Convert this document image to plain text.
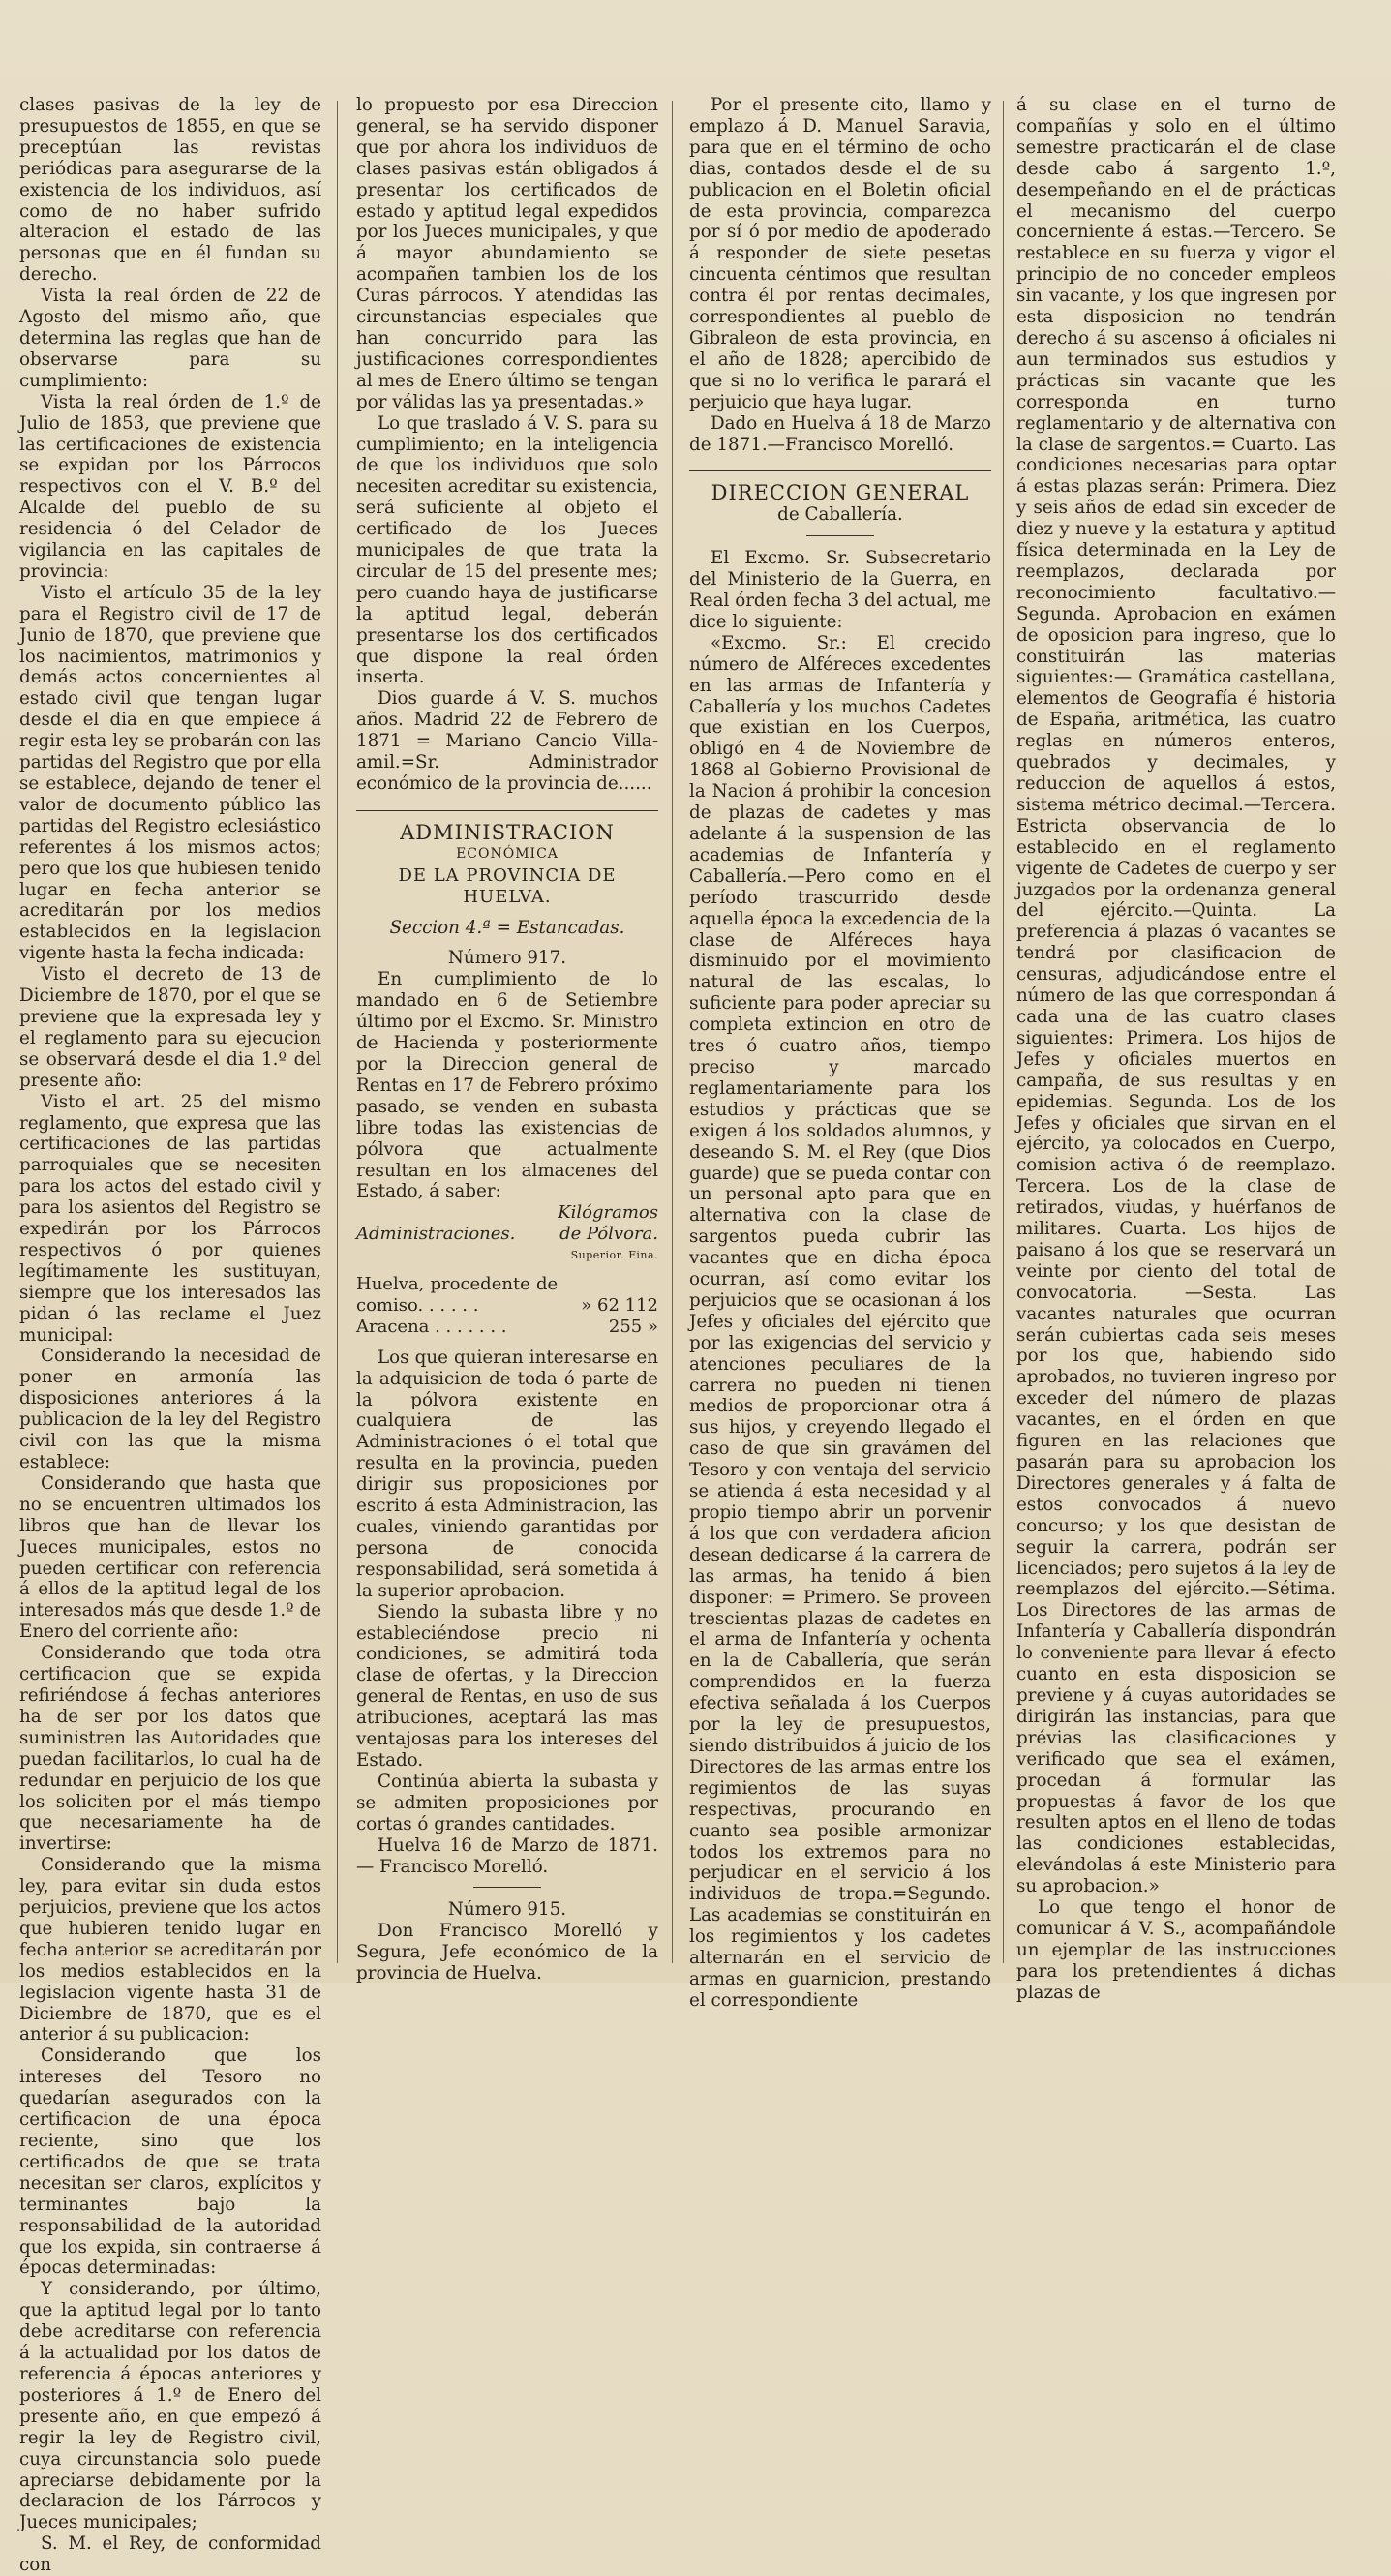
clases pasivas de la ley de presupuestos de 1855, en que se preceptúan las revistas periódicas para asegurarse de la existencia de los individuos, así como de no haber sufrido alteracion el estado de las personas que en él fundan su derecho.

Vista la real órden de 22 de Agosto del mismo año, que determina las reglas que han de observarse para su cumplimiento:

Vista la real órden de 1.º de Julio de 1853, que previene que las certificaciones de existencia se expidan por los Párrocos respectivos con el V. B.º del Alcalde del pueblo de su residencia ó del Celador de vigilancia en las capitales de provincia:

Visto el artículo 35 de la ley para el Registro civil de 17 de Junio de 1870, que previene que los nacimientos, matrimonios y demás actos concernientes al estado civil que tengan lugar desde el dia en que empiece á regir esta ley se probarán con las partidas del Registro que por ella se establece, dejando de tener el valor de documento público las partidas del Registro eclesiástico referentes á los mismos actos; pero que los que hubiesen tenido lugar en fecha anterior se acreditarán por los medios establecidos en la legislacion vigente hasta la fecha indicada:

Visto el decreto de 13 de Diciembre de 1870, por el que se previene que la expresada ley y el reglamento para su ejecucion se observará desde el dia 1.º del presente año:

Visto el art. 25 del mismo reglamento, que expresa que las certificaciones de las partidas parroquiales que se necesiten para los actos del estado civil y para los asientos del Registro se expedirán por los Párrocos respectivos ó por quienes legítimamente les sustituyan, siempre que los interesados las pidan ó las reclame el Juez municipal:

Considerando la necesidad de poner en armonía las disposiciones anteriores á la publicacion de la ley del Registro civil con las que la misma establece:

Considerando que hasta que no se encuentren ultimados los libros que han de llevar los Jueces municipales, estos no pueden certificar con referencia á ellos de la aptitud legal de los interesados más que desde 1.º de Enero del corriente año:

Considerando que toda otra certificacion que se expida refiriéndose á fechas anteriores ha de ser por los datos que suministren las Autoridades que puedan facilitarlos, lo cual ha de redundar en perjuicio de los que los soliciten por el más tiempo que necesariamente ha de invertirse:

Considerando que la misma ley, para evitar sin duda estos perjuicios, previene que los actos que hubieren tenido lugar en fecha anterior se acreditarán por los medios establecidos en la legislacion vigente hasta 31 de Diciembre de 1870, que es el anterior á su publicacion:

Considerando que los intereses del Tesoro no quedarían asegurados con la certificacion de una época reciente, sino que los certificados de que se trata necesitan ser claros, explícitos y terminantes bajo la responsabilidad de la autoridad que los expida, sin contraerse á épocas determinadas:

Y considerando, por último, que la aptitud legal por lo tanto debe acreditarse con referencia á la actualidad por los datos de referencia á épocas anteriores y posteriores á 1.º de Enero del presente año, en que empezó á regir la ley de Registro civil, cuya circunstancia solo puede apreciarse debidamente por la declaracion de los Párrocos y Jueces municipales;

S. M. el Rey, de conformidad con

lo propuesto por esa Direccion general, se ha servido disponer que por ahora los individuos de clases pasivas están obligados á presentar los certificados de estado y aptitud legal expedidos por los Jueces municipales, y que á mayor abundamiento se acompañen tambien los de los Curas párrocos. Y atendidas las circunstancias especiales que han concurrido para las justificaciones correspondientes al mes de Enero último se tengan por válidas las ya presentadas.»

Lo que traslado á V. S. para su cumplimiento; en la inteligencia de que los individuos que solo necesiten acreditar su existencia, será suficiente al objeto el certificado de los Jueces municipales de que trata la circular de 15 del presente mes; pero cuando haya de justificarse la aptitud legal, deberán presentarse los dos certificados que dispone la real órden inserta.

Dios guarde á V. S. muchos años. Madrid 22 de Febrero de 1871 = Mariano Cancio Villa-amil.=Sr. Administrador económico de la provincia de......

ADMINISTRACION
ECONÓMICA
DE LA PROVINCIA DE HUELVA.
Seccion 4.ª = Estancadas.
Número 917.

En cumplimiento de lo mandado en 6 de Setiembre último por el Excmo. Sr. Ministro de Hacienda y posteriormente por la Direccion general de Rentas en 17 de Febrero próximo pasado, se venden en subasta libre todas las existencias de pólvora que actualmente resultan en los almacenes del Estado, á saber:

	Kilógramos
Administraciones.	de Pólvora.
	Superior. Fina.

Huelva, procedente de comiso. . . . . .	» 62 112
Aracena . . . . . . .	255 »

Los que quieran interesarse en la adquisicion de toda ó parte de la pólvora existente en cualquiera de las Administraciones ó el total que resulta en la provincia, pueden dirigir sus proposiciones por escrito á esta Administracion, las cuales, viniendo garantidas por persona de conocida responsabilidad, será sometida á la superior aprobacion.

Siendo la subasta libre y no estableciéndose precio ni condiciones, se admitirá toda clase de ofertas, y la Direccion general de Rentas, en uso de sus atribuciones, aceptará las mas ventajosas para los intereses del Estado.

Continúa abierta la subasta y se admiten proposiciones por cortas ó grandes cantidades.

Huelva 16 de Marzo de 1871.— Francisco Morelló.

Número 915.

Don Francisco Morelló y Segura, Jefe económico de la provincia de Huelva.

Por el presente cito, llamo y emplazo á D. Manuel Saravia, para que en el término de ocho dias, contados desde el de su publicacion en el Boletin oficial de esta provincia, comparezca por sí ó por medio de apoderado á responder de siete pesetas cincuenta céntimos que resultan contra él por rentas decimales, correspondientes al pueblo de Gibraleon de esta provincia, en el año de 1828; apercibido de que si no lo verifica le parará el perjuicio que haya lugar.

Dado en Huelva á 18 de Marzo de 1871.—Francisco Morelló.

DIRECCION GENERAL
de Caballería.

El Excmo. Sr. Subsecretario del Ministerio de la Guerra, en Real órden fecha 3 del actual, me dice lo siguiente:

«Excmo. Sr.: El crecido número de Alféreces excedentes en las armas de Infantería y Caballería y los muchos Cadetes que existian en los Cuerpos, obligó en 4 de Noviembre de 1868 al Gobierno Provisional de la Nacion á prohibir la concesion de plazas de cadetes y mas adelante á la suspension de las academias de Infantería y Caballería.—Pero como en el período trascurrido desde aquella época la excedencia de la clase de Alféreces haya disminuido por el movimiento natural de las escalas, lo suficiente para poder apreciar su completa extincion en otro de tres ó cuatro años, tiempo preciso y marcado reglamentariamente para los estudios y prácticas que se exigen á los soldados alumnos, y deseando S. M. el Rey (que Dios guarde) que se pueda contar con un personal apto para que en alternativa con la clase de sargentos pueda cubrir las vacantes que en dicha época ocurran, así como evitar los perjuicios que se ocasionan á los Jefes y oficiales del ejército que por las exigencias del servicio y atenciones peculiares de la carrera no pueden ni tienen medios de proporcionar otra á sus hijos, y creyendo llegado el caso de que sin gravámen del Tesoro y con ventaja del servicio se atienda á esta necesidad y al propio tiempo abrir un porvenir á los que con verdadera aficion desean dedicarse á la carrera de las armas, ha tenido á bien disponer: = Primero. Se proveen trescientas plazas de cadetes en el arma de Infantería y ochenta en la de Caballería, que serán comprendidos en la fuerza efectiva señalada á los Cuerpos por la ley de presupuestos, siendo distribuidos á juicio de los Directores de las armas entre los regimientos de las suyas respectivas, procurando en cuanto sea posible armonizar todos los extremos para no perjudicar en el servicio á los individuos de tropa.=Segundo. Las academias se constituirán en los regimientos y los cadetes alternarán en el servicio de armas en guarnicion, prestando el correspondiente

á su clase en el turno de compañías y solo en el último semestre practicarán el de clase desde cabo á sargento 1.º, desempeñando en el de prácticas el mecanismo del cuerpo concerniente á estas.—Tercero. Se restablece en su fuerza y vigor el principio de no conceder empleos sin vacante, y los que ingresen por esta disposicion no tendrán derecho á su ascenso á oficiales ni aun terminados sus estudios y prácticas sin vacante que les corresponda en turno reglamentario y de alternativa con la clase de sargentos.= Cuarto. Las condiciones necesarias para optar á estas plazas serán: Primera. Diez y seis años de edad sin exceder de diez y nueve y la estatura y aptitud física determinada en la Ley de reemplazos, declarada por reconocimiento facultativo.—Segunda. Aprobacion en exámen de oposicion para ingreso, que lo constituirán las materias siguientes:— Gramática castellana, elementos de Geografía é historia de España, aritmética, las cuatro reglas en números enteros, quebrados y decimales, y reduccion de aquellos á estos, sistema métrico decimal.—Tercera. Estricta observancia de lo establecido en el reglamento vigente de Cadetes de cuerpo y ser juzgados por la ordenanza general del ejército.—Quinta. La preferencia á plazas ó vacantes se tendrá por clasificacion de censuras, adjudicándose entre el número de las que correspondan á cada una de las cuatro clases siguientes: Primera. Los hijos de Jefes y oficiales muertos en campaña, de sus resultas y en epidemias. Segunda. Los de los Jefes y oficiales que sirvan en el ejército, ya colocados en Cuerpo, comision activa ó de reemplazo. Tercera. Los de la clase de retirados, viudas, y huérfanos de militares. Cuarta. Los hijos de paisano á los que se reservará un veinte por ciento del total de convocatoria. —Sesta. Las vacantes naturales que ocurran serán cubiertas cada seis meses por los que, habiendo sido aprobados, no tuvieren ingreso por exceder del número de plazas vacantes, en el órden en que figuren en las relaciones que pasarán para su aprobacion los Directores generales y á falta de estos convocados á nuevo concurso; y los que desistan de seguir la carrera, podrán ser licenciados; pero sujetos á la ley de reemplazos del ejército.—Sétima. Los Directores de las armas de Infantería y Caballería dispondrán lo conveniente para llevar á efecto cuanto en esta disposicion se previene y á cuyas autoridades se dirigirán las instancias, para que prévias las clasificaciones y verificado que sea el exámen, procedan á formular las propuestas á favor de los que resulten aptos en el lleno de todas las condiciones establecidas, elevándolas á este Ministerio para su aprobacion.»

Lo que tengo el honor de comunicar á V. S., acompañándole un ejemplar de las instrucciones para los pretendientes á dichas plazas de
